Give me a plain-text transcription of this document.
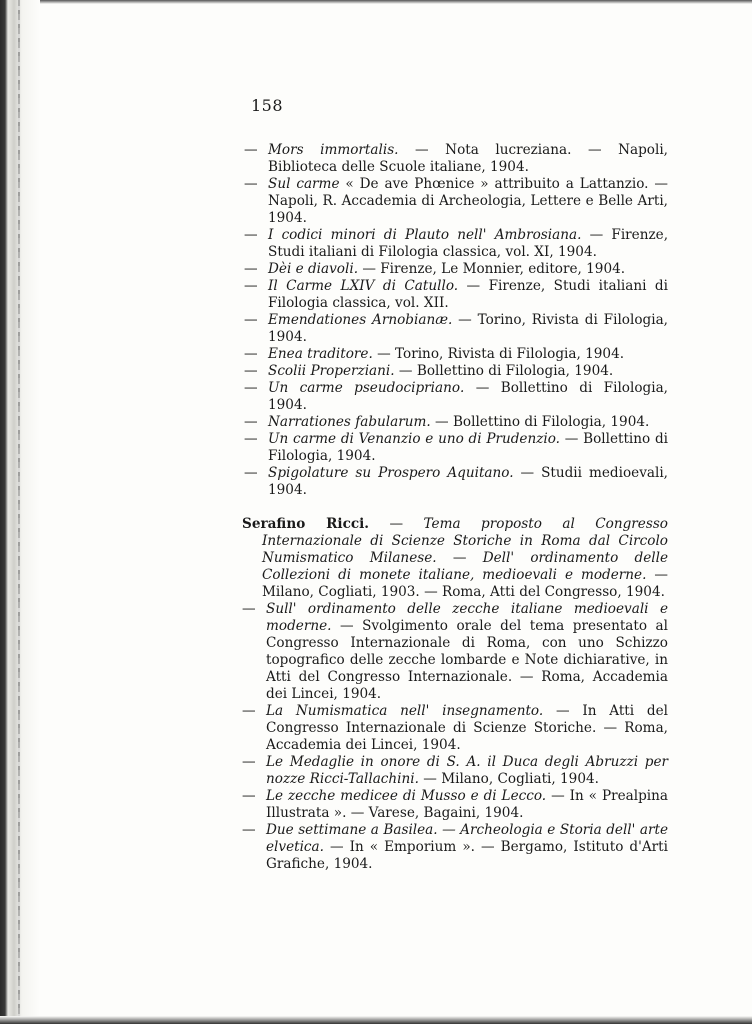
158
— Mors immortalis. — Nota lucreziana. — Napoli, Biblioteca delle Scuole italiane, 1904.
— Sul carme « De ave Phœnice » attribuito a Lattanzio. — Napoli, R. Accademia di Archeologia, Lettere e Belle Arti, 1904.
— I codici minori di Plauto nell' Ambrosiana. — Firenze, Studi italiani di Filologia classica, vol. XI, 1904.
— Dèi e diavoli. — Firenze, Le Monnier, editore, 1904.
— Il Carme LXIV di Catullo. — Firenze, Studi italiani di Filologia classica, vol. XII.
— Emendationes Arnobianæ. — Torino, Rivista di Filologia, 1904.
— Enea traditore. — Torino, Rivista di Filologia, 1904.
— Scolii Properziani. — Bollettino di Filologia, 1904.
— Un carme pseudociprianо. — Bollettino di Filologia, 1904.
— Narrationes fabularum. — Bollettino di Filologia, 1904.
— Un carme di Venanzio e uno di Prudenzio. — Bollettino di Filologia, 1904.
— Spigolature su Prospero Aquitano. — Studii medioevali, 1904.
Serafino Ricci. — Tema proposto al Congresso Internazionale di Scienze Storiche in Roma dal Circolo Numismatico Milanese. — Dell' ordinamento delle Collezioni di monete italiane, medioevali e moderne. — Milano, Cogliati, 1903. — Roma, Atti del Congresso, 1904.
— Sull' ordinamento delle zecche italiane medioevali e moderne. — Svolgimento orale del tema presentato al Congresso Internazionale di Roma, con uno Schizzo topografico delle zecche lombarde e Note dichiarative, in Atti del Congresso Internazionale. — Roma, Accademia dei Lincei, 1904.
— La Numismatica nell' insegnamento. — In Atti del Congresso Internazionale di Scienze Storiche. — Roma, Accademia dei Lincei, 1904.
— Le Medaglie in onore di S. A. il Duca degli Abruzzi per nozze Ricci-Tallachini. — Milano, Cogliati, 1904.
— Le zecche medicee di Musso e di Lecco. — In « Prealpina Illustrata ». — Varese, Bagaini, 1904.
— Due settimane a Basilea. — Archeologia e Storia dell' arte elvetica. — In « Emporium ». — Bergamo, Istituto d'Arti Grafiche, 1904.
